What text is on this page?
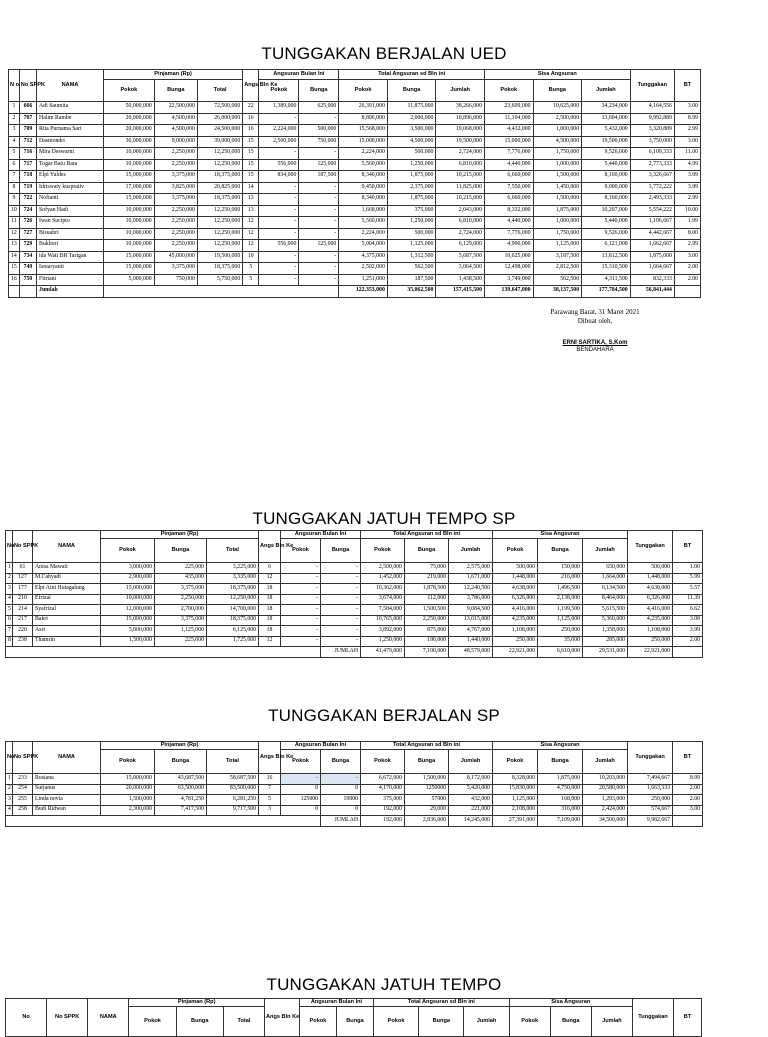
TUNGGAKAN BERJALAN UED
N o	No SPPK	NAMA	Pinjaman (Rp)			Angs Bln Ke	Angsuran Bulan Ini		Total Angsuran sd Bln ini			Sisa Angsuran			Tunggakan	BT
			Pokok	Bunga	Total		Pokok	Bunga	Pokok	Bunga	Jumlah	Pokok	Bunga	Jumlah		
1	666	Adi Saumita	50,000,000	22,500,000	72,500,000	22	1,389,000	625,000	26,391,000	11,875,000	38,266,000	23,609,000	10,625,000	34,234,000	4,164,556	3.00
2	707	Halim Rambe	20,000,000	4,500,000	26,000,000	16	-	-	8,896,000	2,000,000	10,896,000	11,104,000	2,500,000	13,604,000	9,992,889	8.99
3	709	Rita Purnama Sari	20,000,000	4,500,000	24,500,000	16	2,224,000	500,000	15,568,000	3,500,000	19,068,000	4,432,000	1,000,000	5,432,000	3,320,889	2.99
4	712	Dasmondri	30,000,000	9,000,000	39,000,000	15	2,500,000	750,000	15,000,000	4,500,000	19,500,000	15,000,000	4,500,000	19,500,000	3,750,000	3.00
5	716	Mira Deswarni	10,000,000	2,250,000	12,250,000	15	-	-	2,224,000	500,000	2,724,000	7,776,000	1,750,000	9,526,000	6,109,333	11.00
6	717	Togar Batu Bara	10,000,000	2,250,000	12,250,000	15	556,000	125,000	5,560,000	1,250,000	6,810,000	4,440,000	1,000,000	5,440,000	2,773,333	4.99
7	718	Elpi Yuldes	15,000,000	3,375,000	18,375,000	15	834,000	187,500	8,340,000	1,875,000	10,215,000	6,660,000	1,500,000	8,160,000	3,326,667	3.99
8	719	Idriswaty kusprativ	17,000,000	3,825,000	20,825,000	14	-	-	9,450,000	2,375,000	11,825,000	7,550,000	1,450,000	9,000,000	3,772,222	3.99
9	722	Nofianti	15,000,000	3,375,000	18,375,000	13	-	-	8,340,000	1,875,000	10,215,000	6,660,000	1,500,000	8,160,000	2,493,333	2.99
10	724	Sofyan Hadi	10,000,000	2,250,000	12,250,000	13	-	-	1,668,000	375,000	2,043,000	8,332,000	1,875,000	10,207,000	5,554,222	10.00
11	726	Iwan Sucipto	10,000,000	2,250,000	12,250,000	12	-	-	5,560,000	1,250,000	6,810,000	4,440,000	1,000,000	5,440,000	1,106,667	1.99
12	727	Bisuabri	10,000,000	2,250,000	12,250,000	12	-	-	2,224,000	500,000	2,724,000	7,776,000	1,750,000	9,526,000	4,442,667	8.00
13	729	Bukhori	10,000,000	2,250,000	12,250,000	12	556,000	125,000	5,004,000	1,125,000	6,129,000	4,996,000	1,125,000	6,121,000	1,662,667	2.99
14	734	ida Wati BR Tarigan	15,000,000	45,000,000	19,500,000	10	-	-	4,375,000	1,312,500	5,687,500	10,625,000	3,187,500	13,812,500	1,875,000	3.00
15	749	Ismaryanti	15,000,000	3,375,000	18,375,000	5	-	-	2,502,000	562,500	3,064,500	12,498,000	2,812,500	15,310,500	1,664,667	2.00
16	750	Fitriani	5,000,000	750,000	5,750,000	5	-	-	1,251,000	187,500	1,438,500	3,749,000	562,500	4,311,500	832,333	2.00
		Jumlah							122,353,000	35,062,500	157,415,500	139,647,000	38,137,500	177,784,500	56,841,444	
Parawang Barat, 31 Maret 2021
Dibuat oleh,
ERNI SARTIKA, S.Kom
BENDAHARA
TUNGGAKAN JATUH TEMPO SP
No	No SPPK	NAMA	Pinjaman (Rp)			Angs Bln Ke	Angsuran Bulan Ini		Total Angsuran sd Bln ini			Sisa Angsuran			Tunggakan	BT
			Pokok	Bunga	Total		Pokok	Bunga	Pokok	Bunga	Jumlah	Pokok	Bunga	Jumlah		
1	61	Anisa Mawati	3,000,000	225,000	3,225,000	6	-	-	2,500,000	75,000	2,575,000	500,000	150,000	650,000	500,000	1.00
2	127	M.Cahyadi	2,900,000	435,000	3,335,000	12	-	-	1,452,000	219,000	1,671,000	1,448,000	216,000	1,664,000	1,448,000	5.99
3	177	Elpi Aini Hutagalung	15,000,000	3,375,000	18,375,000	18	-	-	10,362,000	1,878,500	12,240,500	4,638,000	1,496,500	6,134,500	4,638,000	5.57
4	210	Efrizal	10,000,000	2,250,000	12,250,000	18	-	-	3,674,000	112,000	3,786,000	6,326,000	2,138,000	8,464,000	6,326,000	11.39
5	214	Syafrizal	12,000,000	2,700,000	14,700,000	18	-	-	7,584,000	1,500,500	9,084,500	4,416,000	1,199,500	5,615,500	4,416,000	6.62
6	217	Bakri	15,000,000	3,375,000	18,375,000	18	-	-	10,765,000	2,250,000	13,015,000	4,235,000	1,125,000	5,360,000	4,235,000	3.08
7	220	Asri	5,000,000	1,125,000	6,125,000	18	-	-	3,892,000	875,000	4,767,000	1,108,000	250,000	1,358,000	1,108,000	3.99
8	238	Thamrin	1,500,000	225,000	1,725,000	12	-	-	1,250,000	190,000	1,440,000	250,000	35,000	285,000	250,000	2.00
								JUMLAH	41,479,000	7,100,000	48,579,000	22,921,000	6,610,000	29,531,000	22,921,000	
TUNGGAKAN BERJALAN SP
No	No SPPK	NAMA	Pinjaman (Rp)			Angs Bln Ke	Angsuran Bulan Ini		Total Angsuran sd Bln ini			Sisa Angsuran			Tunggakan	BT
			Pokok	Bunga	Total		Pokok	Bunga	Pokok	Bunga	Jumlah	Pokok	Bunga	Jumlah		
1	233	Rusiana	15,000,000	43,687,500	58,687,500	16	-	-	6,672,000	1,500,000	8,172,000	8,328,000	1,875,000	10,203,000	7,494,667	8.99
2	254	Surjanus	20,000,000	63,500,000	83,500,000	7	0	0	4,170,000	1250000	5,420,000	15,830,000	4,750,000	20,580,000	1,663,333	2.00
3	255	Linda novia	1,500,000	4,781,250	6,281,250	5	125000	19000	375,000	57000	432,000	1,125,000	168,000	1,293,000	250,000	2.00
4	258	Budi Ridwan	2,300,000	7,417,500	9,717,500	3	0	0	192,000	29,000	221,000	2,108,000	316,000	2,424,000	574,667	3.00
								JUMLAH	192,000	2,836,000	14,245,000	27,391,000	7,109,000	34,500,000	9,982,667	
TUNGGAKAN JATUH TEMPO
No	No SPPK	NAMA	Pinjaman (Rp)			Angs Bln Ke	Angsuran Bulan Ini		Total Angsuran sd Bln ini			Sisa Angsuran			Tunggakan	BT
			Pokok	Bunga	Total		Pokok	Bunga	Pokok	Bunga	Jumlah	Pokok	Bunga	Jumlah		
